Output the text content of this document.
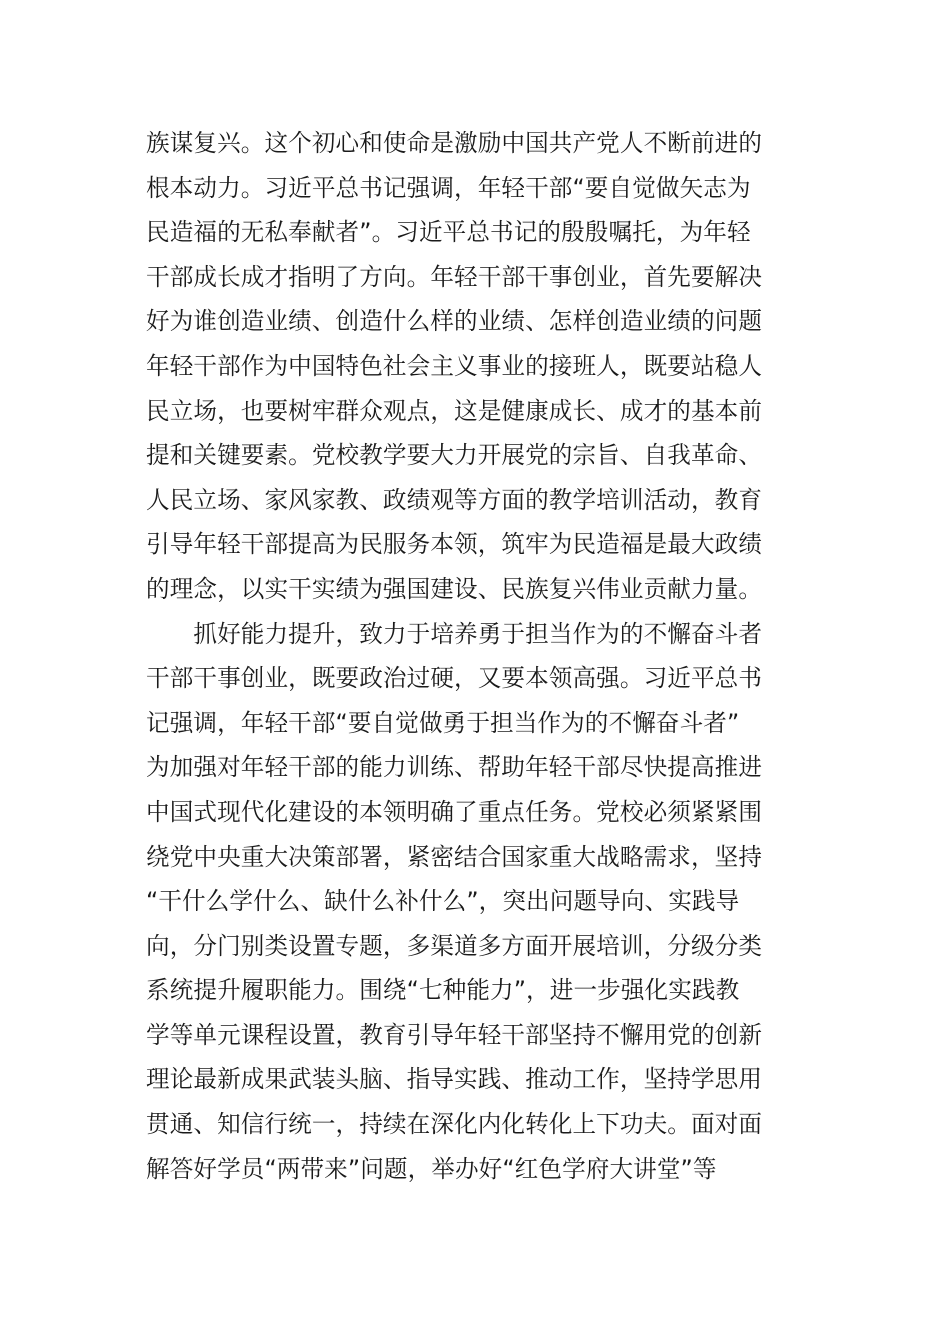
族谋复兴。这个初心和使命是激励中国共产党人不断前进的
根本动力。习近平总书记强调，年轻干部“要自觉做矢志为
民造福的无私奉献者”。习近平总书记的殷殷嘱托，为年轻
干部成长成才指明了方向。年轻干部干事创业，首先要解决
好为谁创造业绩、创造什么样的业绩、怎样创造业绩的问题
年轻干部作为中国特色社会主义事业的接班人，既要站稳人
民立场，也要树牢群众观点，这是健康成长、成才的基本前
提和关键要素。党校教学要大力开展党的宗旨、自我革命、
人民立场、家风家教、政绩观等方面的教学培训活动，教育
引导年轻干部提高为民服务本领，筑牢为民造福是最大政绩
的理念，以实干实绩为强国建设、民族复兴伟业贡献力量。
　　抓好能力提升，致力于培养勇于担当作为的不懈奋斗者
干部干事创业，既要政治过硬，又要本领高强。习近平总书
记强调，年轻干部“要自觉做勇于担当作为的不懈奋斗者”
为加强对年轻干部的能力训练、帮助年轻干部尽快提高推进
中国式现代化建设的本领明确了重点任务。党校必须紧紧围
绕党中央重大决策部署，紧密结合国家重大战略需求，坚持
“干什么学什么、缺什么补什么”，突出问题导向、实践导
向，分门别类设置专题，多渠道多方面开展培训，分级分类
系统提升履职能力。围绕“七种能力”，进一步强化实践教
学等单元课程设置，教育引导年轻干部坚持不懈用党的创新
理论最新成果武装头脑、指导实践、推动工作，坚持学思用
贯通、知信行统一，持续在深化内化转化上下功夫。面对面
解答好学员“两带来”问题，举办好“红色学府大讲堂”等
